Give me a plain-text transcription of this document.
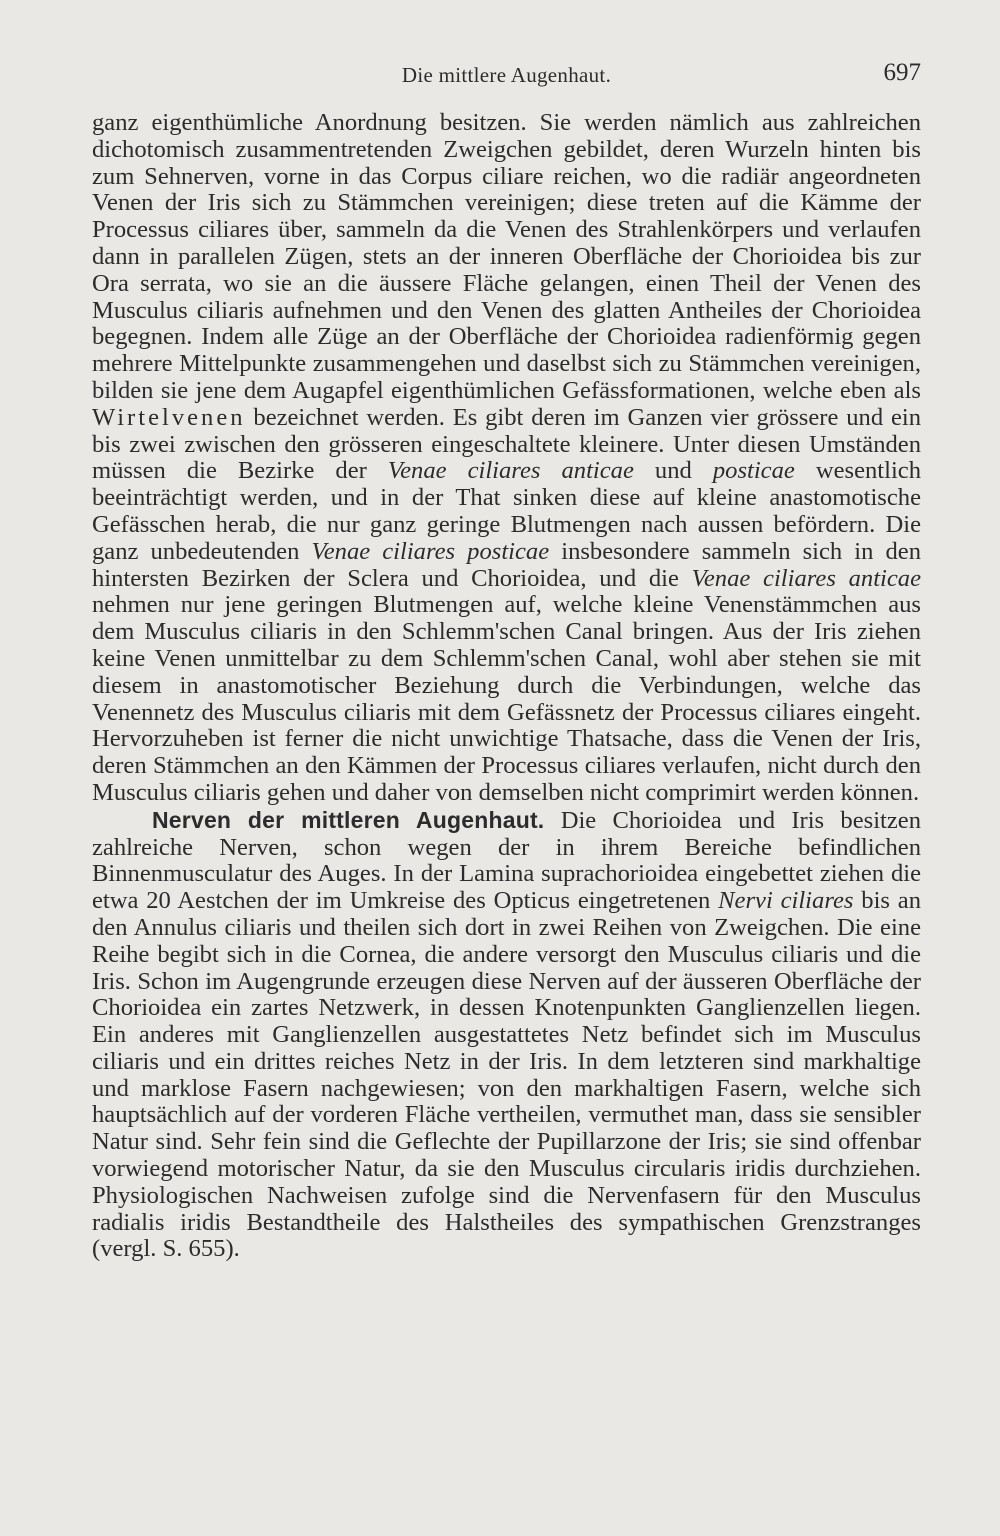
Die mittlere Augenhaut.	697

ganz eigenthümliche Anordnung besitzen. Sie werden nämlich aus zahlreichen dichotomisch zusammentretenden Zweigchen gebildet, deren Wurzeln hinten bis zum Sehnerven, vorne in das Corpus ciliare reichen, wo die radiär angeordneten Venen der Iris sich zu Stämmchen vereinigen; diese treten auf die Kämme der Processus ciliares über, sammeln da die Venen des Strahlenkörpers und verlaufen dann in parallelen Zügen, stets an der inneren Oberfläche der Chorioidea bis zur Ora serrata, wo sie an die äussere Fläche gelangen, einen Theil der Venen des Musculus ciliaris aufnehmen und den Venen des glatten Antheiles der Chorioidea begegnen. Indem alle Züge an der Oberfläche der Chorioidea radienförmig gegen mehrere Mittelpunkte zusammengehen und daselbst sich zu Stämmchen vereinigen, bilden sie jene dem Augapfel eigenthümlichen Gefässformationen, welche eben als Wirtelvenen bezeichnet werden. Es gibt deren im Ganzen vier grössere und ein bis zwei zwischen den grösseren eingeschaltete kleinere. Unter diesen Umständen müssen die Bezirke der Venae ciliares anticae und posticae wesentlich beeinträchtigt werden, und in der That sinken diese auf kleine anastomotische Gefässchen herab, die nur ganz geringe Blutmengen nach aussen befördern. Die ganz unbedeutenden Venae ciliares posticae insbesondere sammeln sich in den hintersten Bezirken der Sclera und Chorioidea, und die Venae ciliares anticae nehmen nur jene geringen Blutmengen auf, welche kleine Venenstämmchen aus dem Musculus ciliaris in den Schlemm'schen Canal bringen. Aus der Iris ziehen keine Venen unmittelbar zu dem Schlemm'schen Canal, wohl aber stehen sie mit diesem in anastomotischer Beziehung durch die Verbindungen, welche das Venennetz des Musculus ciliaris mit dem Gefässnetz der Processus ciliares eingeht. Hervorzuheben ist ferner die nicht unwichtige Thatsache, dass die Venen der Iris, deren Stämmchen an den Kämmen der Processus ciliares verlaufen, nicht durch den Musculus ciliaris gehen und daher von demselben nicht comprimirt werden können.

Nerven der mittleren Augenhaut. Die Chorioidea und Iris besitzen zahlreiche Nerven, schon wegen der in ihrem Bereiche befindlichen Binnenmusculatur des Auges. In der Lamina suprachorioidea eingebettet ziehen die etwa 20 Aestchen der im Umkreise des Opticus eingetretenen Nervi ciliares bis an den Annulus ciliaris und theilen sich dort in zwei Reihen von Zweigchen. Die eine Reihe begibt sich in die Cornea, die andere versorgt den Musculus ciliaris und die Iris. Schon im Augengrunde erzeugen diese Nerven auf der äusseren Oberfläche der Chorioidea ein zartes Netzwerk, in dessen Knotenpunkten Ganglienzellen liegen. Ein anderes mit Ganglienzellen ausgestattetes Netz befindet sich im Musculus ciliaris und ein drittes reiches Netz in der Iris. In dem letzteren sind markhaltige und marklose Fasern nachgewiesen; von den markhaltigen Fasern, welche sich hauptsächlich auf der vorderen Fläche vertheilen, vermuthet man, dass sie sensibler Natur sind. Sehr fein sind die Geflechte der Pupillarzone der Iris; sie sind offenbar vorwiegend motorischer Natur, da sie den Musculus circularis iridis durchziehen. Physiologischen Nachweisen zufolge sind die Nervenfasern für den Musculus radialis iridis Bestandtheile des Halstheiles des sympathischen Grenzstranges (vergl. S. 655).
